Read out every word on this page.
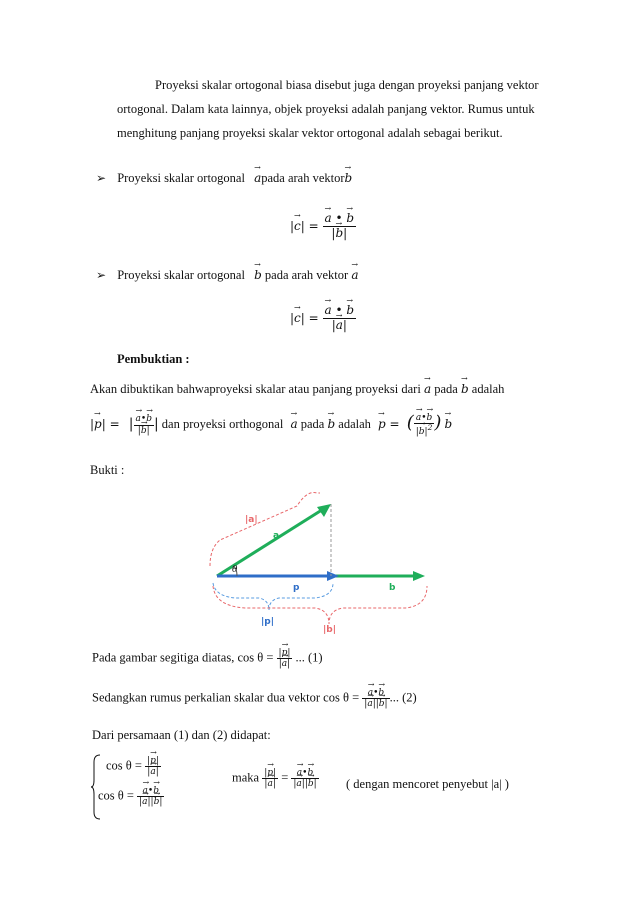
Proyeksi skalar ortogonal biasa disebut juga dengan proyeksi panjang vektor
ortogonal. Dalam kata lainnya, objek proyeksi adalah panjang vektor. Rumus untuk
menghitung panjang proyeksi skalar vektor ortogonal adalah sebagai berikut.
➢ Proyeksi skalar ortogonal → apada arah vektor→ b
|→ c| = → $\frac{a • \to b}{|\to b|}$
➢ Proyeksi skalar ortogonal → b pada arah vektor → a
|→ c| = → $\frac{a • \to b}{|\to a|}$
Pembuktian :
Akan dibuktikan bahwaproyeksi skalar atau panjang proyeksi dari → a pada → b adalah
|→ p| = | → $\frac{a•\to b}{|\to b|}$ | dan proyeksi orthogonal → a pada → b adalah → p = ( → $\frac{a•\to b}{|\to b|^2}$ ) → b
Bukti :
|a|
a
θ
p	b
|p|
|b|
Pada gambar segitiga diatas, $\cos \theta = \frac{|\to p|}{|\to a|}$ ... (1)
Sedangkan rumus perkalian skalar dua vektor cos θ = → $\frac{a•\to b}{|\to a||\to b|}$ ... (2)
Dari persamaan (1) dan (2) didapat:
$\cos \theta = \frac{|\to p|}{|\to a|}$
cos θ = → $\frac{a•\to b}{|\to a||\to b|}$
maka $\frac{|\to p|}{|\to a|}$ = → $\frac{a•\to b}{|\to a||\to b|}$ ( dengan mencoret penyebut |a| )
